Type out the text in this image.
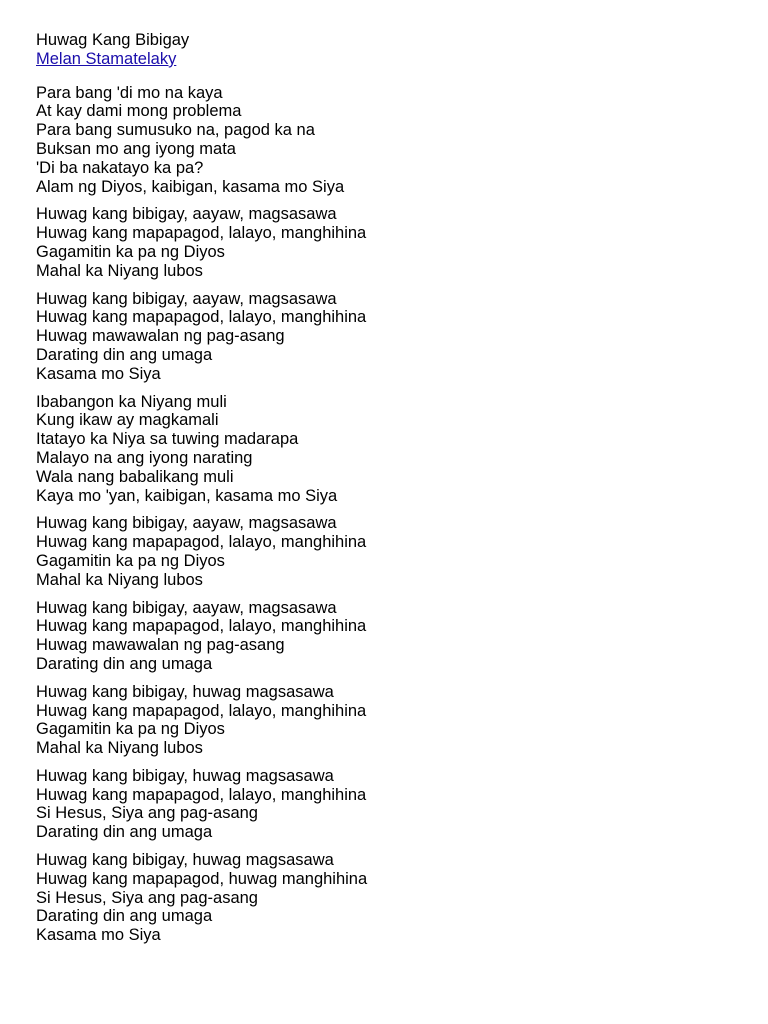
Huwag Kang Bibigay
Melan Stamatelaky
Para bang 'di mo na kaya
At kay dami mong problema
Para bang sumusuko na, pagod ka na
Buksan mo ang iyong mata
'Di ba nakatayo ka pa?
Alam ng Diyos, kaibigan, kasama mo Siya
Huwag kang bibigay, aayaw, magsasawa
Huwag kang mapapagod, lalayo, manghihina
Gagamitin ka pa ng Diyos
Mahal ka Niyang lubos
Huwag kang bibigay, aayaw, magsasawa
Huwag kang mapapagod, lalayo, manghihina
Huwag mawawalan ng pag-asang
Darating din ang umaga
Kasama mo Siya
Ibabangon ka Niyang muli
Kung ikaw ay magkamali
Itatayo ka Niya sa tuwing madarapa
Malayo na ang iyong narating
Wala nang babalikang muli
Kaya mo 'yan, kaibigan, kasama mo Siya
Huwag kang bibigay, aayaw, magsasawa
Huwag kang mapapagod, lalayo, manghihina
Gagamitin ka pa ng Diyos
Mahal ka Niyang lubos
Huwag kang bibigay, aayaw, magsasawa
Huwag kang mapapagod, lalayo, manghihina
Huwag mawawalan ng pag-asang
Darating din ang umaga
Huwag kang bibigay, huwag magsasawa
Huwag kang mapapagod, lalayo, manghihina
Gagamitin ka pa ng Diyos
Mahal ka Niyang lubos
Huwag kang bibigay, huwag magsasawa
Huwag kang mapapagod, lalayo, manghihina
Si Hesus, Siya ang pag-asang
Darating din ang umaga
Huwag kang bibigay, huwag magsasawa
Huwag kang mapapagod, huwag manghihina
Si Hesus, Siya ang pag-asang
Darating din ang umaga
Kasama mo Siya
